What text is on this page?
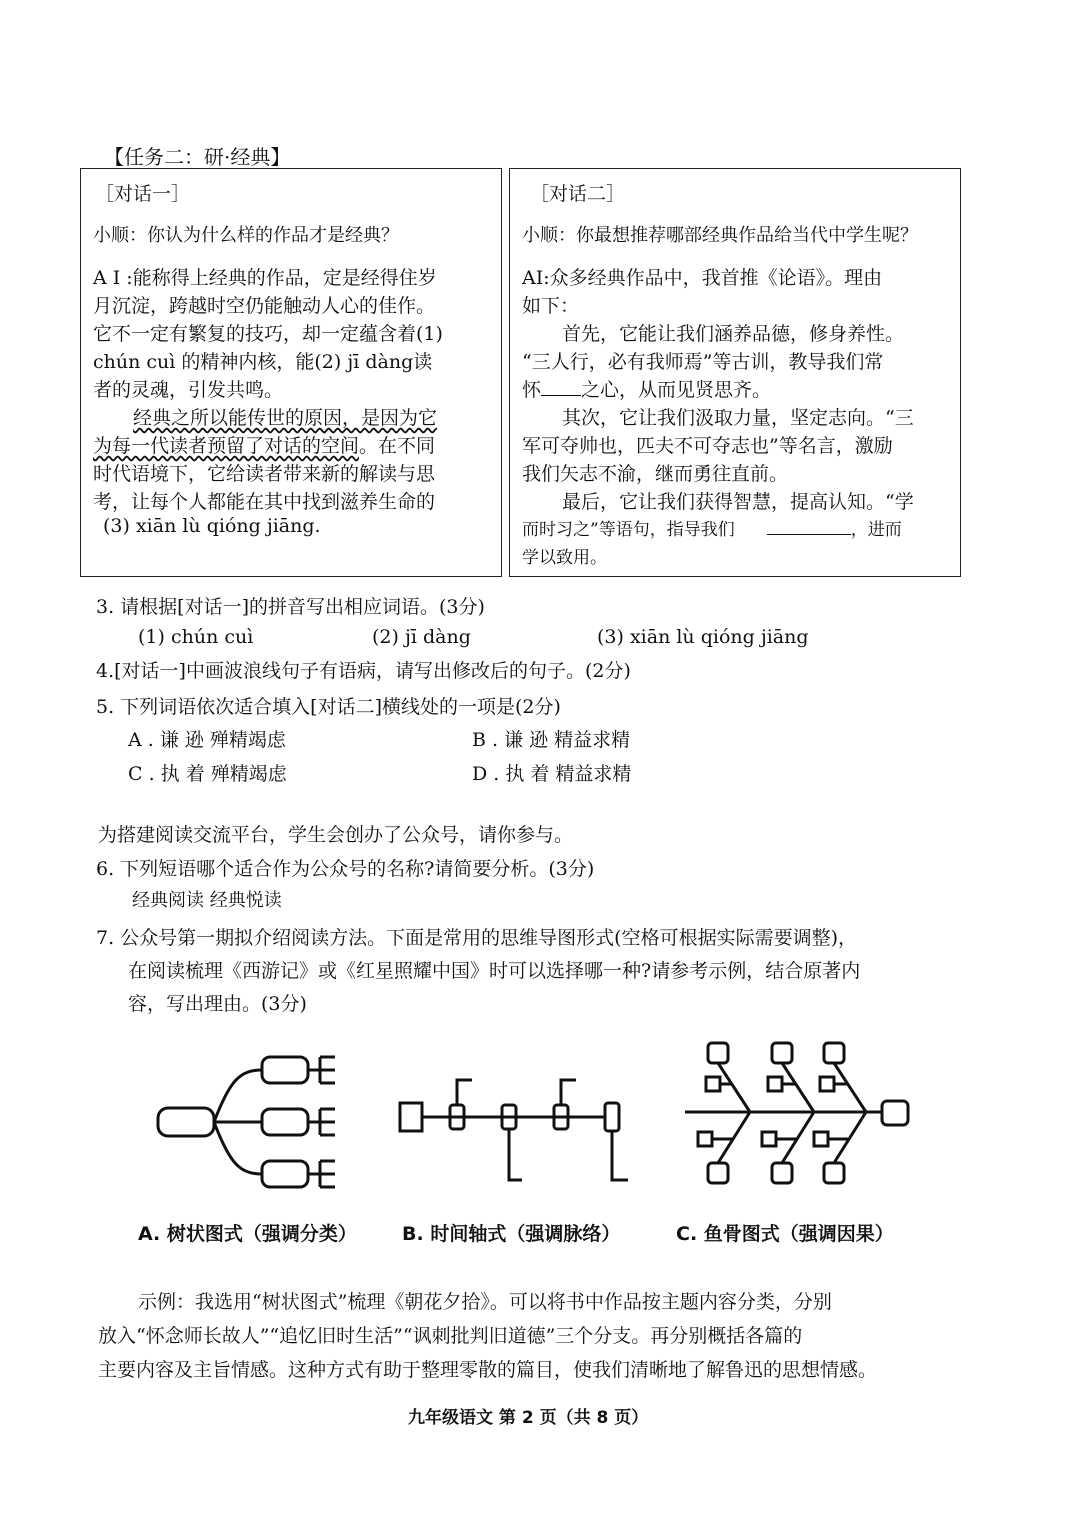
【任务二：研·经典】
［对话一］
小顺：你认为什么样的作品才是经典？
A I :能称得上经典的作品，定是经得住岁
月沉淀，跨越时空仍能触动人心的佳作。
它不一定有繁复的技巧，却一定蕴含着(1)
chún cuì 的精神内核，能(2) jī dàng读
者的灵魂，引发共鸣。
经典之所以能传世的原因，是因为它
为每一代读者预留了对话的空间。在不同
时代语境下，它给读者带来新的解读与思
考，让每个人都能在其中找到滋养生命的
(3) xiān lù qióng jiāng.
［对话二］
小顺：你最想推荐哪部经典作品给当代中学生呢？
AI:众多经典作品中，我首推《论语》。理由
如下：
首先，它能让我们涵养品德，修身养性。
“三人行，必有我师焉”等古训，教导我们常
怀 之心，从而见贤思齐。
其次，它让我们汲取力量，坚定志向。“三
军可夺帅也，匹夫不可夺志也”等名言，激励
我们矢志不渝，继而勇往直前。
最后，它让我们获得智慧，提高认知。“学
而时习之”等语句，指导我们	，进而
学以致用。
3. 请根据[对话一]的拼音写出相应词语。(3分)
(1) chún cuì	(2) jī dàng	(3) xiān lù qióng jiāng
4.[对话一]中画波浪线句子有语病，请写出修改后的句子。(2分)
5. 下列词语依次适合填入[对话二]横线处的一项是(2分)
A . 谦 逊 殚精竭虑	B . 谦 逊 精益求精
C . 执 着 殚精竭虑	D . 执 着 精益求精
为搭建阅读交流平台，学生会创办了公众号，请你参与。
6. 下列短语哪个适合作为公众号的名称?请简要分析。(3分)
经典阅读 经典悦读
7. 公众号第一期拟介绍阅读方法。下面是常用的思维导图形式(空格可根据实际需要调整)，
在阅读梳理《西游记》或《红星照耀中国》时可以选择哪一种?请参考示例，结合原著内
容，写出理由。(3分)
A. 树状图式（强调分类） B. 时间轴式（强调脉络）	C. 鱼骨图式（强调因果）
示例：我选用“树状图式”梳理《朝花夕拾》。可以将书中作品按主题内容分类，分别
放入“怀念师长故人”“追忆旧时生活”“讽刺批判旧道德”三个分支。再分别概括各篇的
主要内容及主旨情感。这种方式有助于整理零散的篇目，使我们清晰地了解鲁迅的思想情感。
九年级语文 第 2 页（共 8 页）
